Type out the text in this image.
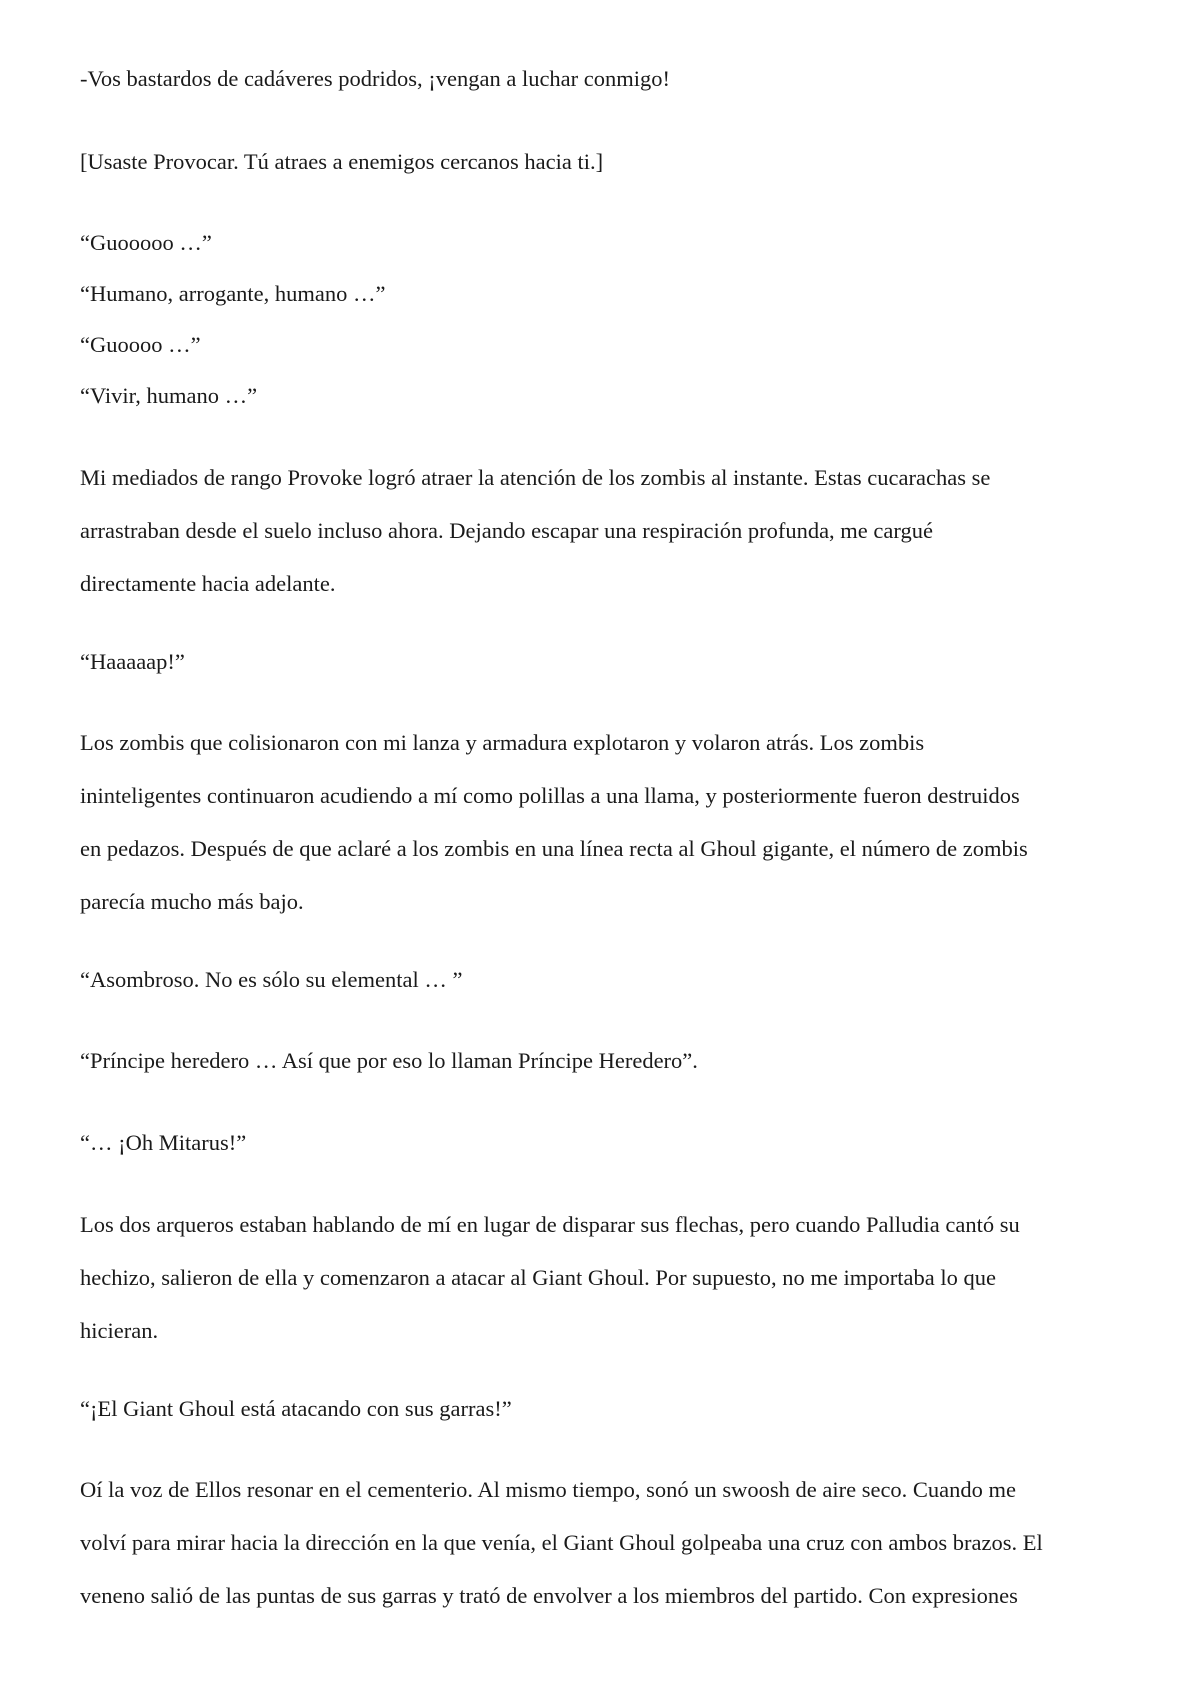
-Vos bastardos de cadáveres podridos, ¡vengan a luchar conmigo!

[Usaste Provocar. Tú atraes a enemigos cercanos hacia ti.]

“Guooooo …”

“Humano, arrogante, humano …”

“Guoooo …”

“Vivir, humano …”

Mi mediados de rango Provoke logró atraer la atención de los zombis al instante. Estas cucarachas se

arrastraban desde el suelo incluso ahora. Dejando escapar una respiración profunda, me cargué

directamente hacia adelante.

“Haaaaap!”

Los zombis que colisionaron con mi lanza y armadura explotaron y volaron atrás. Los zombis

ininteligentes continuaron acudiendo a mí como polillas a una llama, y posteriormente fueron destruidos

en pedazos. Después de que aclaré a los zombis en una línea recta al Ghoul gigante, el número de zombis

parecía mucho más bajo.

“Asombroso. No es sólo su elemental … ”

“Príncipe heredero … Así que por eso lo llaman Príncipe Heredero”.

“… ¡Oh Mitarus!”

Los dos arqueros estaban hablando de mí en lugar de disparar sus flechas, pero cuando Palludia cantó su

hechizo, salieron de ella y comenzaron a atacar al Giant Ghoul. Por supuesto, no me importaba lo que

hicieran.

“¡El Giant Ghoul está atacando con sus garras!”

Oí la voz de Ellos resonar en el cementerio. Al mismo tiempo, sonó un swoosh de aire seco. Cuando me

volví para mirar hacia la dirección en la que venía, el Giant Ghoul golpeaba una cruz con ambos brazos. El

veneno salió de las puntas de sus garras y trató de envolver a los miembros del partido. Con expresiones
